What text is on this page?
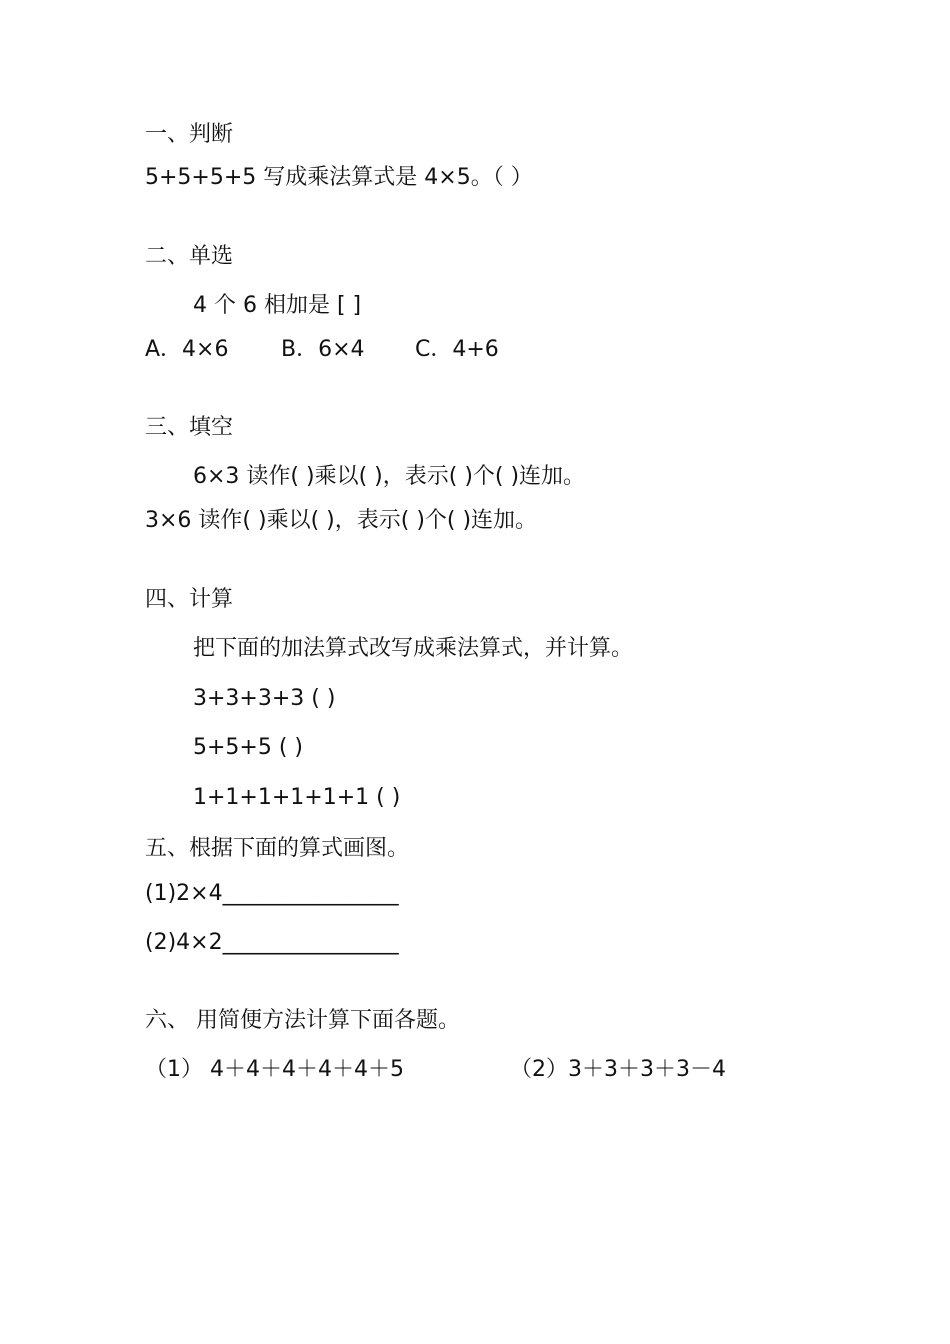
一、判断
5+5+5+5 写成乘法算式是 4×5。（ ）
二、单选
4 个 6 相加是 [ ]
A．4×6 B．6×4 C．4+6
三、填空
6×3 读作( )乘以( )，表示( )个( )连加。
3×6 读作( )乘以( )，表示( )个( )连加。
四、计算
把下面的加法算式改写成乘法算式，并计算。
3+3+3+3 ( )
5+5+5 ( )
1+1+1+1+1+1 ( )
五、根据下面的算式画图。
(1)2×4________________
(2)4×2________________
六、 用简便方法计算下面各题。
（1） 4＋4＋4＋4＋4＋5	（2）3＋3＋3＋3－4
